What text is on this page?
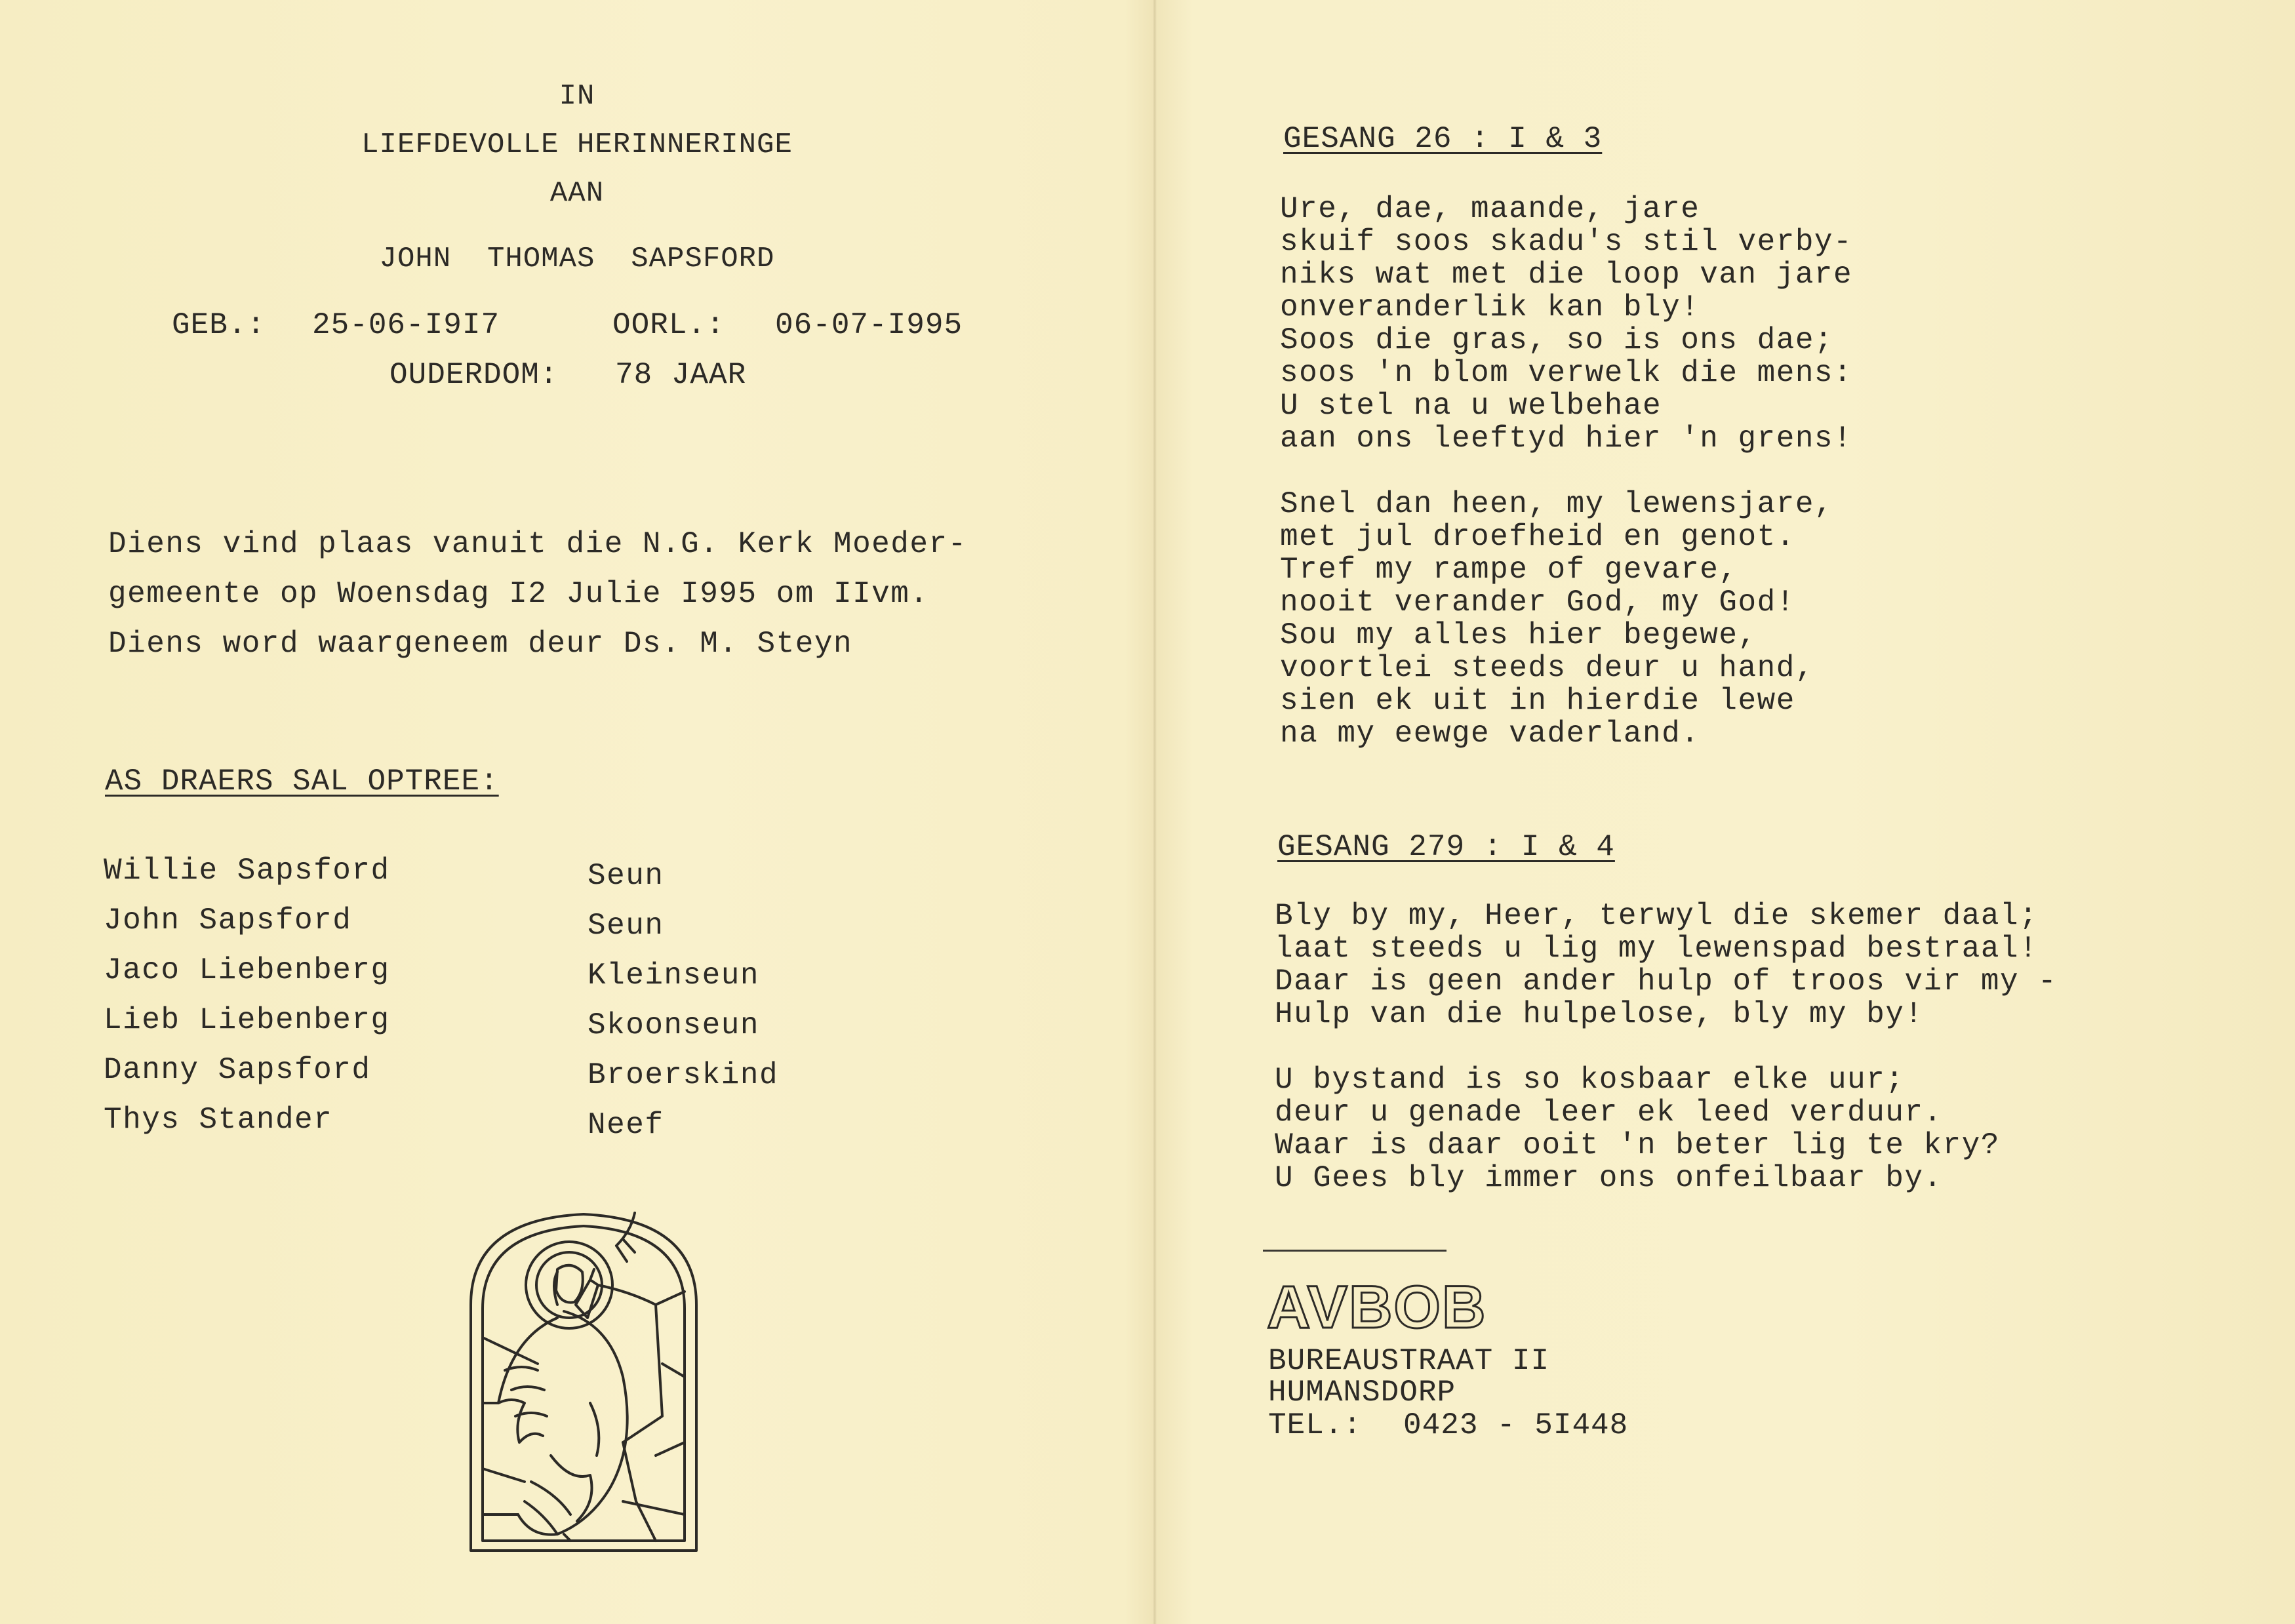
IN
LIEFDEVOLLE HERINNERINGE
AAN
JOHN  THOMAS  SAPSFORD
GEB.: 25-06-I9I7	OORL.: 06-07-I995
OUDERDOM: 78 JAAR
Diens vind plaas vanuit die N.G. Kerk Moeder-
gemeente op Woensdag I2 Julie I995 om IIvm.
Diens word waargeneem deur Ds. M. Steyn
AS DRAERS SAL OPTREE:
Willie Sapsford
John Sapsford
Jaco Liebenberg
Lieb Liebenberg
Danny Sapsford
Thys Stander
Seun
Seun
Kleinseun
Skoonseun
Broerskind
Neef
GESANG 26 : I & 3
Ure, dae, maande, jare
skuif soos skadu's stil verby-
niks wat met die loop van jare
onveranderlik kan bly!
Soos die gras, so is ons dae;
soos 'n blom verwelk die mens:
U stel na u welbehae
aan ons leeftyd hier 'n grens!
Snel dan heen, my lewensjare,
met jul droefheid en genot.
Tref my rampe of gevare,
nooit verander God, my God!
Sou my alles hier begewe,
voortlei steeds deur u hand,
sien ek uit in hierdie lewe
na my eewge vaderland.
GESANG 279 : I & 4
Bly by my, Heer, terwyl die skemer daal;
laat steeds u lig my lewenspad bestraal!
Daar is geen ander hulp of troos vir my -
Hulp van die hulpelose, bly my by!
U bystand is so kosbaar elke uur;
deur u genade leer ek leed verduur.
Waar is daar ooit 'n beter lig te kry?
U Gees bly immer ons onfeilbaar by.
AVBOB
BUREAUSTRAAT II
HUMANSDORP
TEL.: 0423 - 5I448
